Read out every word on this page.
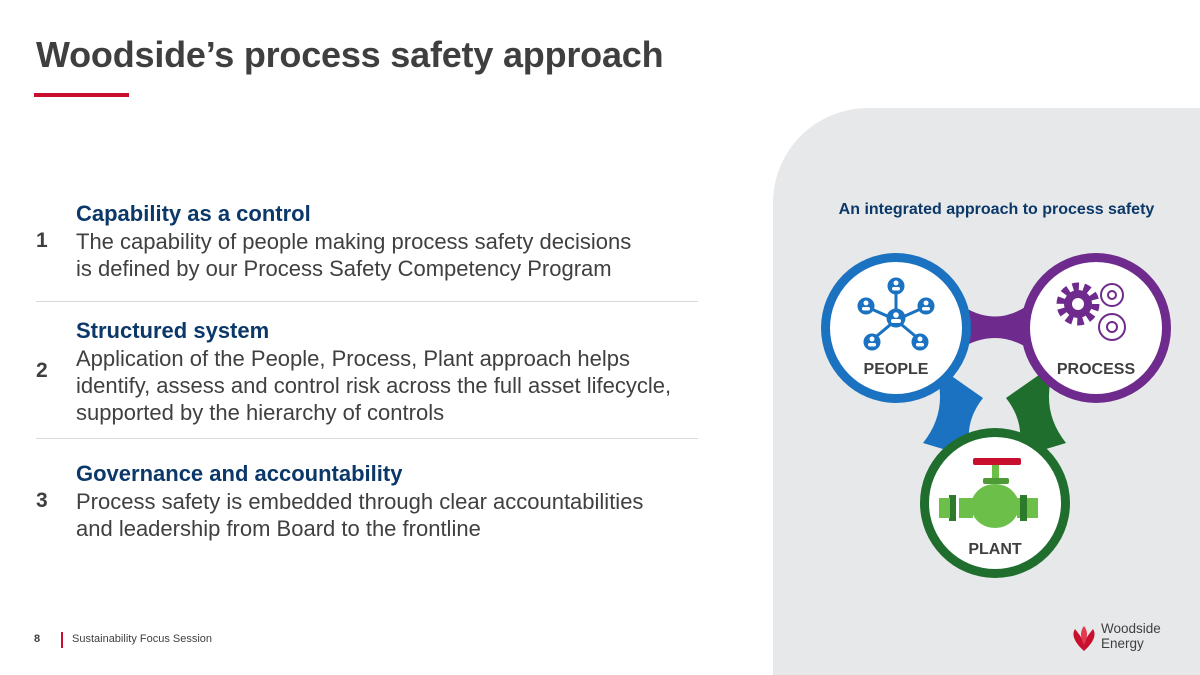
Woodside’s process safety approach
1
Capability as a control
The capability of people making process safety decisions
is defined by our Process Safety Competency Program
2
Structured system
Application of the People, Process, Plant approach helps
identify, assess and control risk across the full asset lifecycle,
supported by the hierarchy of controls
3
Governance and accountability
Process safety is embedded through clear accountabilities
and leadership from Board to the frontline
An integrated approach to process safety
PEOPLE	PROCESS
PLANT
8	Sustainability Focus Session
Woodside
Energy
